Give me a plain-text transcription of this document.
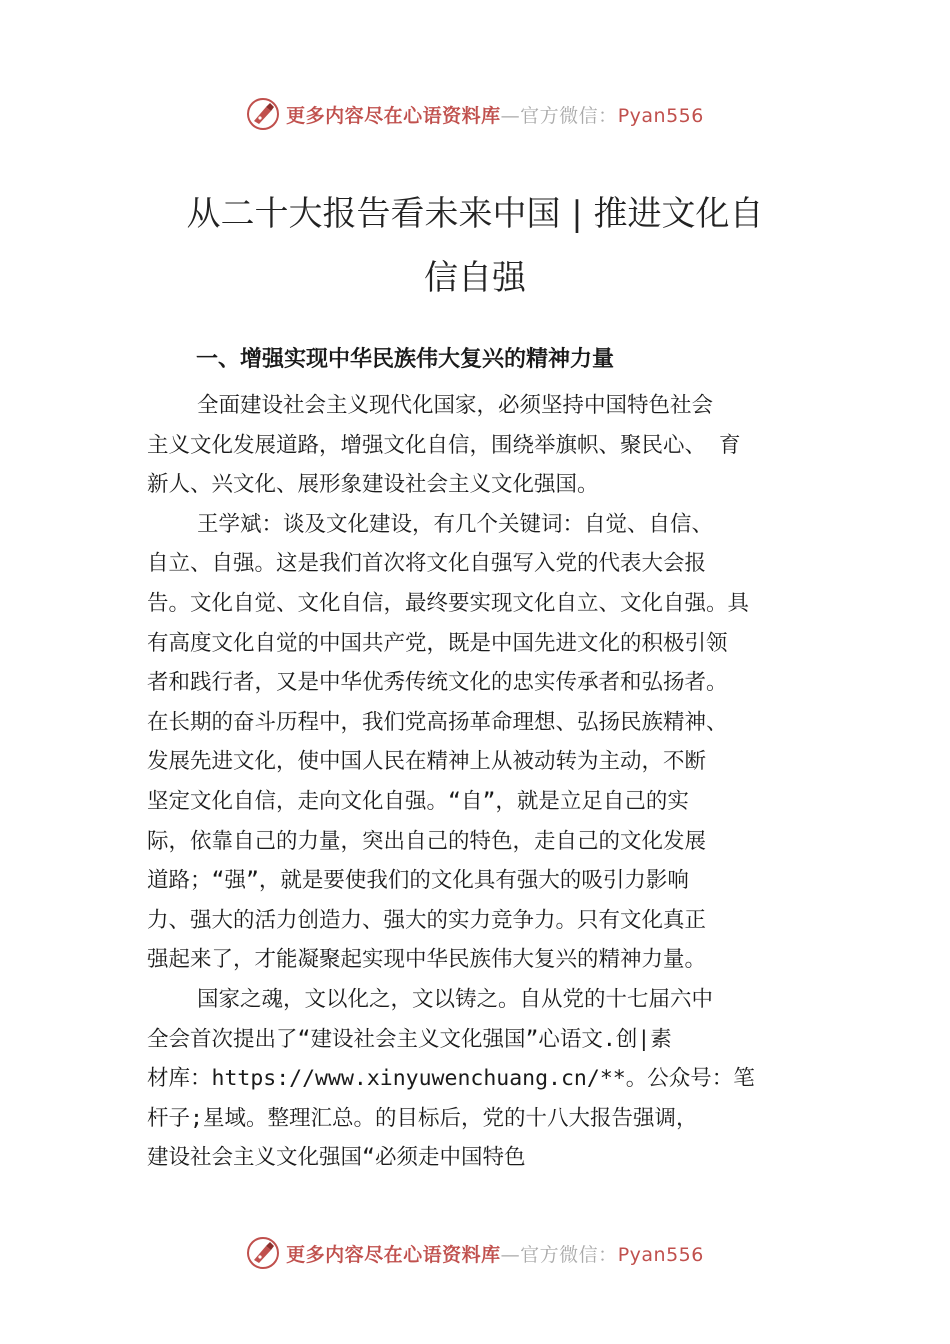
更多内容尽在心语资料库—官方微信：Pyan556
从二十大报告看未来中国 | 推进文化自
信自强
一、增强实现中华民族伟大复兴的精神力量
全面建设社会主义现代化国家，必须坚持中国特色社会
主义文化发展道路，增强文化自信，围绕举旗帜、聚民心、 育
新人、兴文化、展形象建设社会主义文化强国。
王学斌：谈及文化建设，有几个关键词：自觉、自信、
自立、自强。这是我们首次将文化自强写入党的代表大会报
告。文化自觉、文化自信，最终要实现文化自立、文化自强。具
有高度文化自觉的中国共产党，既是中国先进文化的积极引领
者和践行者，又是中华优秀传统文化的忠实传承者和弘扬者。
在长期的奋斗历程中，我们党高扬革命理想、弘扬民族精神、
发展先进文化，使中国人民在精神上从被动转为主动，不断
坚定文化自信，走向文化自强。“自”，就是立足自己的实
际，依靠自己的力量，突出自己的特色，走自己的文化发展
道路；“强”，就是要使我们的文化具有强大的吸引力影响
力、强大的活力创造力、强大的实力竞争力。只有文化真正
强起来了，才能凝聚起实现中华民族伟大复兴的精神力量。
国家之魂，文以化之，文以铸之。自从党的十七届六中
全会首次提出了“建设社会主义文化强国”心语文.创|素
材库：https://www.xinyuwenchuang.cn/**。公众号：笔
杆子;星域。整理汇总。的目标后，党的十八大报告强调，
建设社会主义文化强国“必须走中国特色
更多内容尽在心语资料库—官方微信：Pyan556
